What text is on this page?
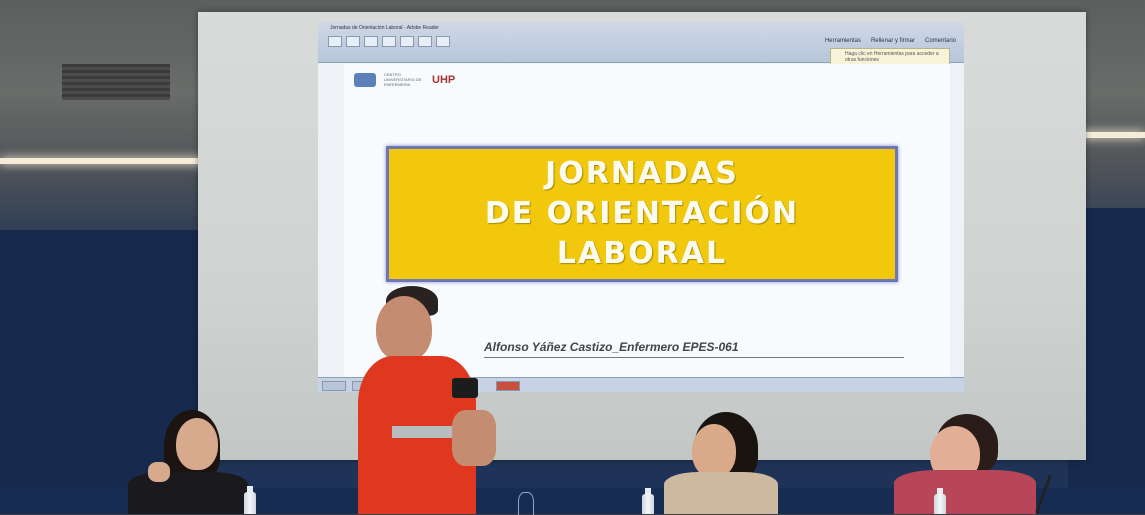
Jornadas de Orientación Laboral - Adobe Reader
Herramientas Rellenar y firmar Comentario
Haga clic en Herramientas para acceder a otras funciones
CENTRO UNIVERSITARIO DE ENFERMERÍA	UHP
JORNADAS
DE ORIENTACIÓN
LABORAL
Alfonso Yáñez Castizo_Enfermero EPES-061
